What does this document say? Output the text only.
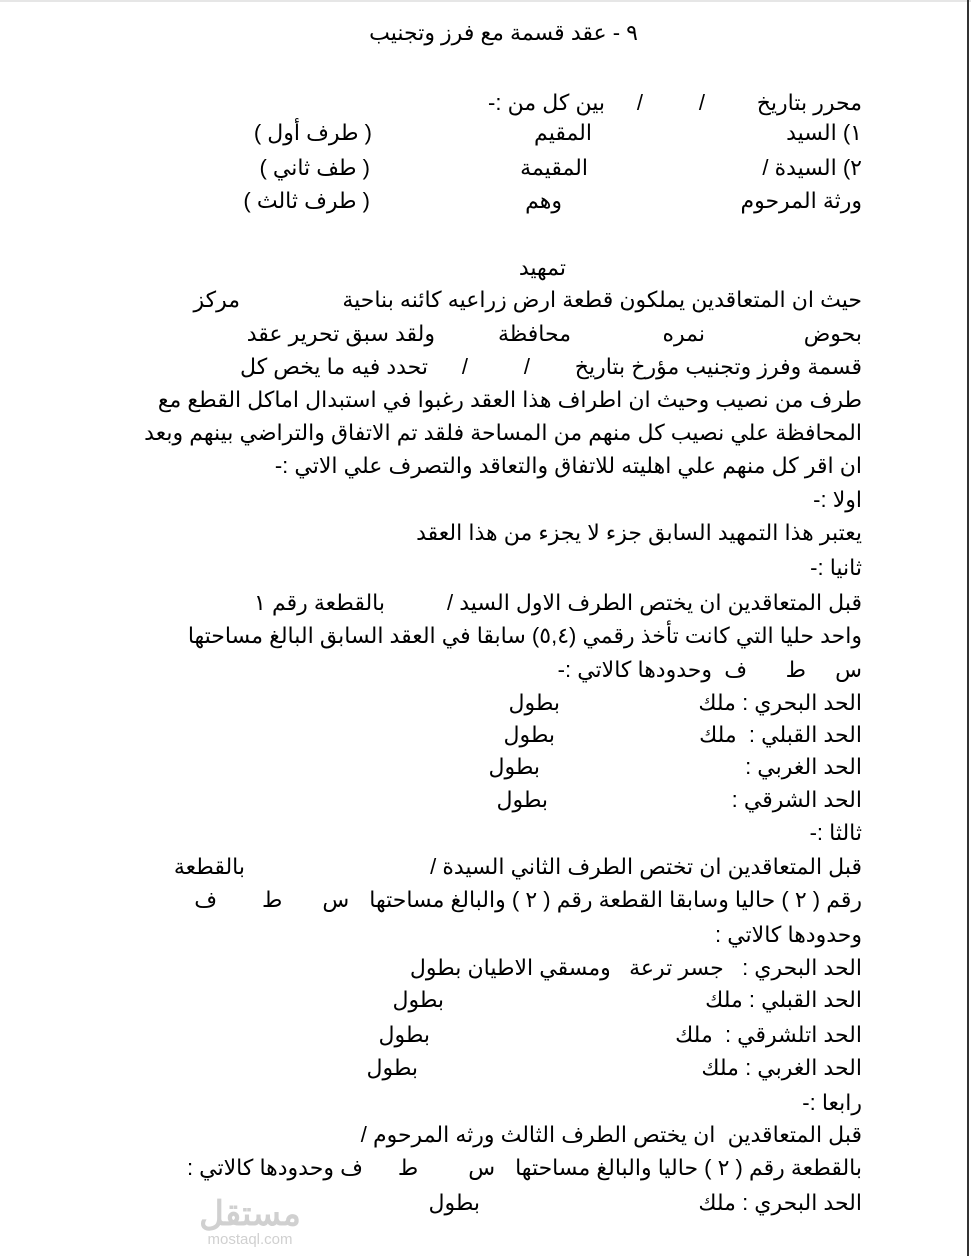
٩ - عقد قسمة مع فرز وتجنيب
محرر بتاريخ
/
/
بين كل من :-
١) السيد
المقيم
( طرف أول )
٢) السيدة /
المقيمة
( طف ثاني )
ورثة المرحوم
وهم
( طرف ثالث )
تمهيد
حيث ان المتعاقدين يملكون قطعة ارض زراعيه كائنه بناحية
مركز
بحوض
نمره
محافظة
ولقد سبق تحرير عقد
قسمة وفرز وتجنيب مؤرخ بتاريخ
/
/
تحدد فيه ما يخص كل
طرف من نصيب وحيث ان اطراف هذا العقد رغبوا في استبدال اماكل القطع مع
المحافظة علي نصيب كل منهم من المساحة فلقد تم الاتفاق والتراضي بينهم وبعد
ان اقر كل منهم علي اهليته للاتفاق والتعاقد والتصرف علي الاتي :-
اولا :-
يعتبر هذا التمهيد السابق جزء لا يجزء من هذا العقد
ثانيا :-
قبل المتعاقدين ان يختص الطرف الاول السيد /
بالقطعة رقم ١
واحد حليا التي كانت تأخذ رقمي (٥,٤) سابقا في العقد السابق البالغ مساحتها
س
ط
ف
وحدودها كالاتي :-
الحد البحري : ملك
بطول
الحد القبلي :  ملك
بطول
الحد الغربي :
بطول
الحد الشرقي :
بطول
ثالثا :-
قبل المتعاقدين ان تختص الطرف الثاني السيدة /
بالقطعة
رقم ( ٢ ) حاليا وسابقا القطعة رقم ( ٢ ) والبالغ مساحتها
س
ط
ف
وحدودها كالاتي :
الحد البحري :   جسر ترعة   ومسقي الاطيان بطول
الحد القبلي : ملك
بطول
الحد اتلشرقي :  ملك
بطول
الحد الغربي : ملك
بطول
رابعا :-
قبل المتعاقدين  ان يختص الطرف الثالث ورثه المرحوم /
بالقطعة رقم ( ٢ ) حاليا والبالغ مساحتها
س
ط
ف وحدودها كالاتي :
الحد البحري : ملك
بطول
مستقل
mostaql.com
